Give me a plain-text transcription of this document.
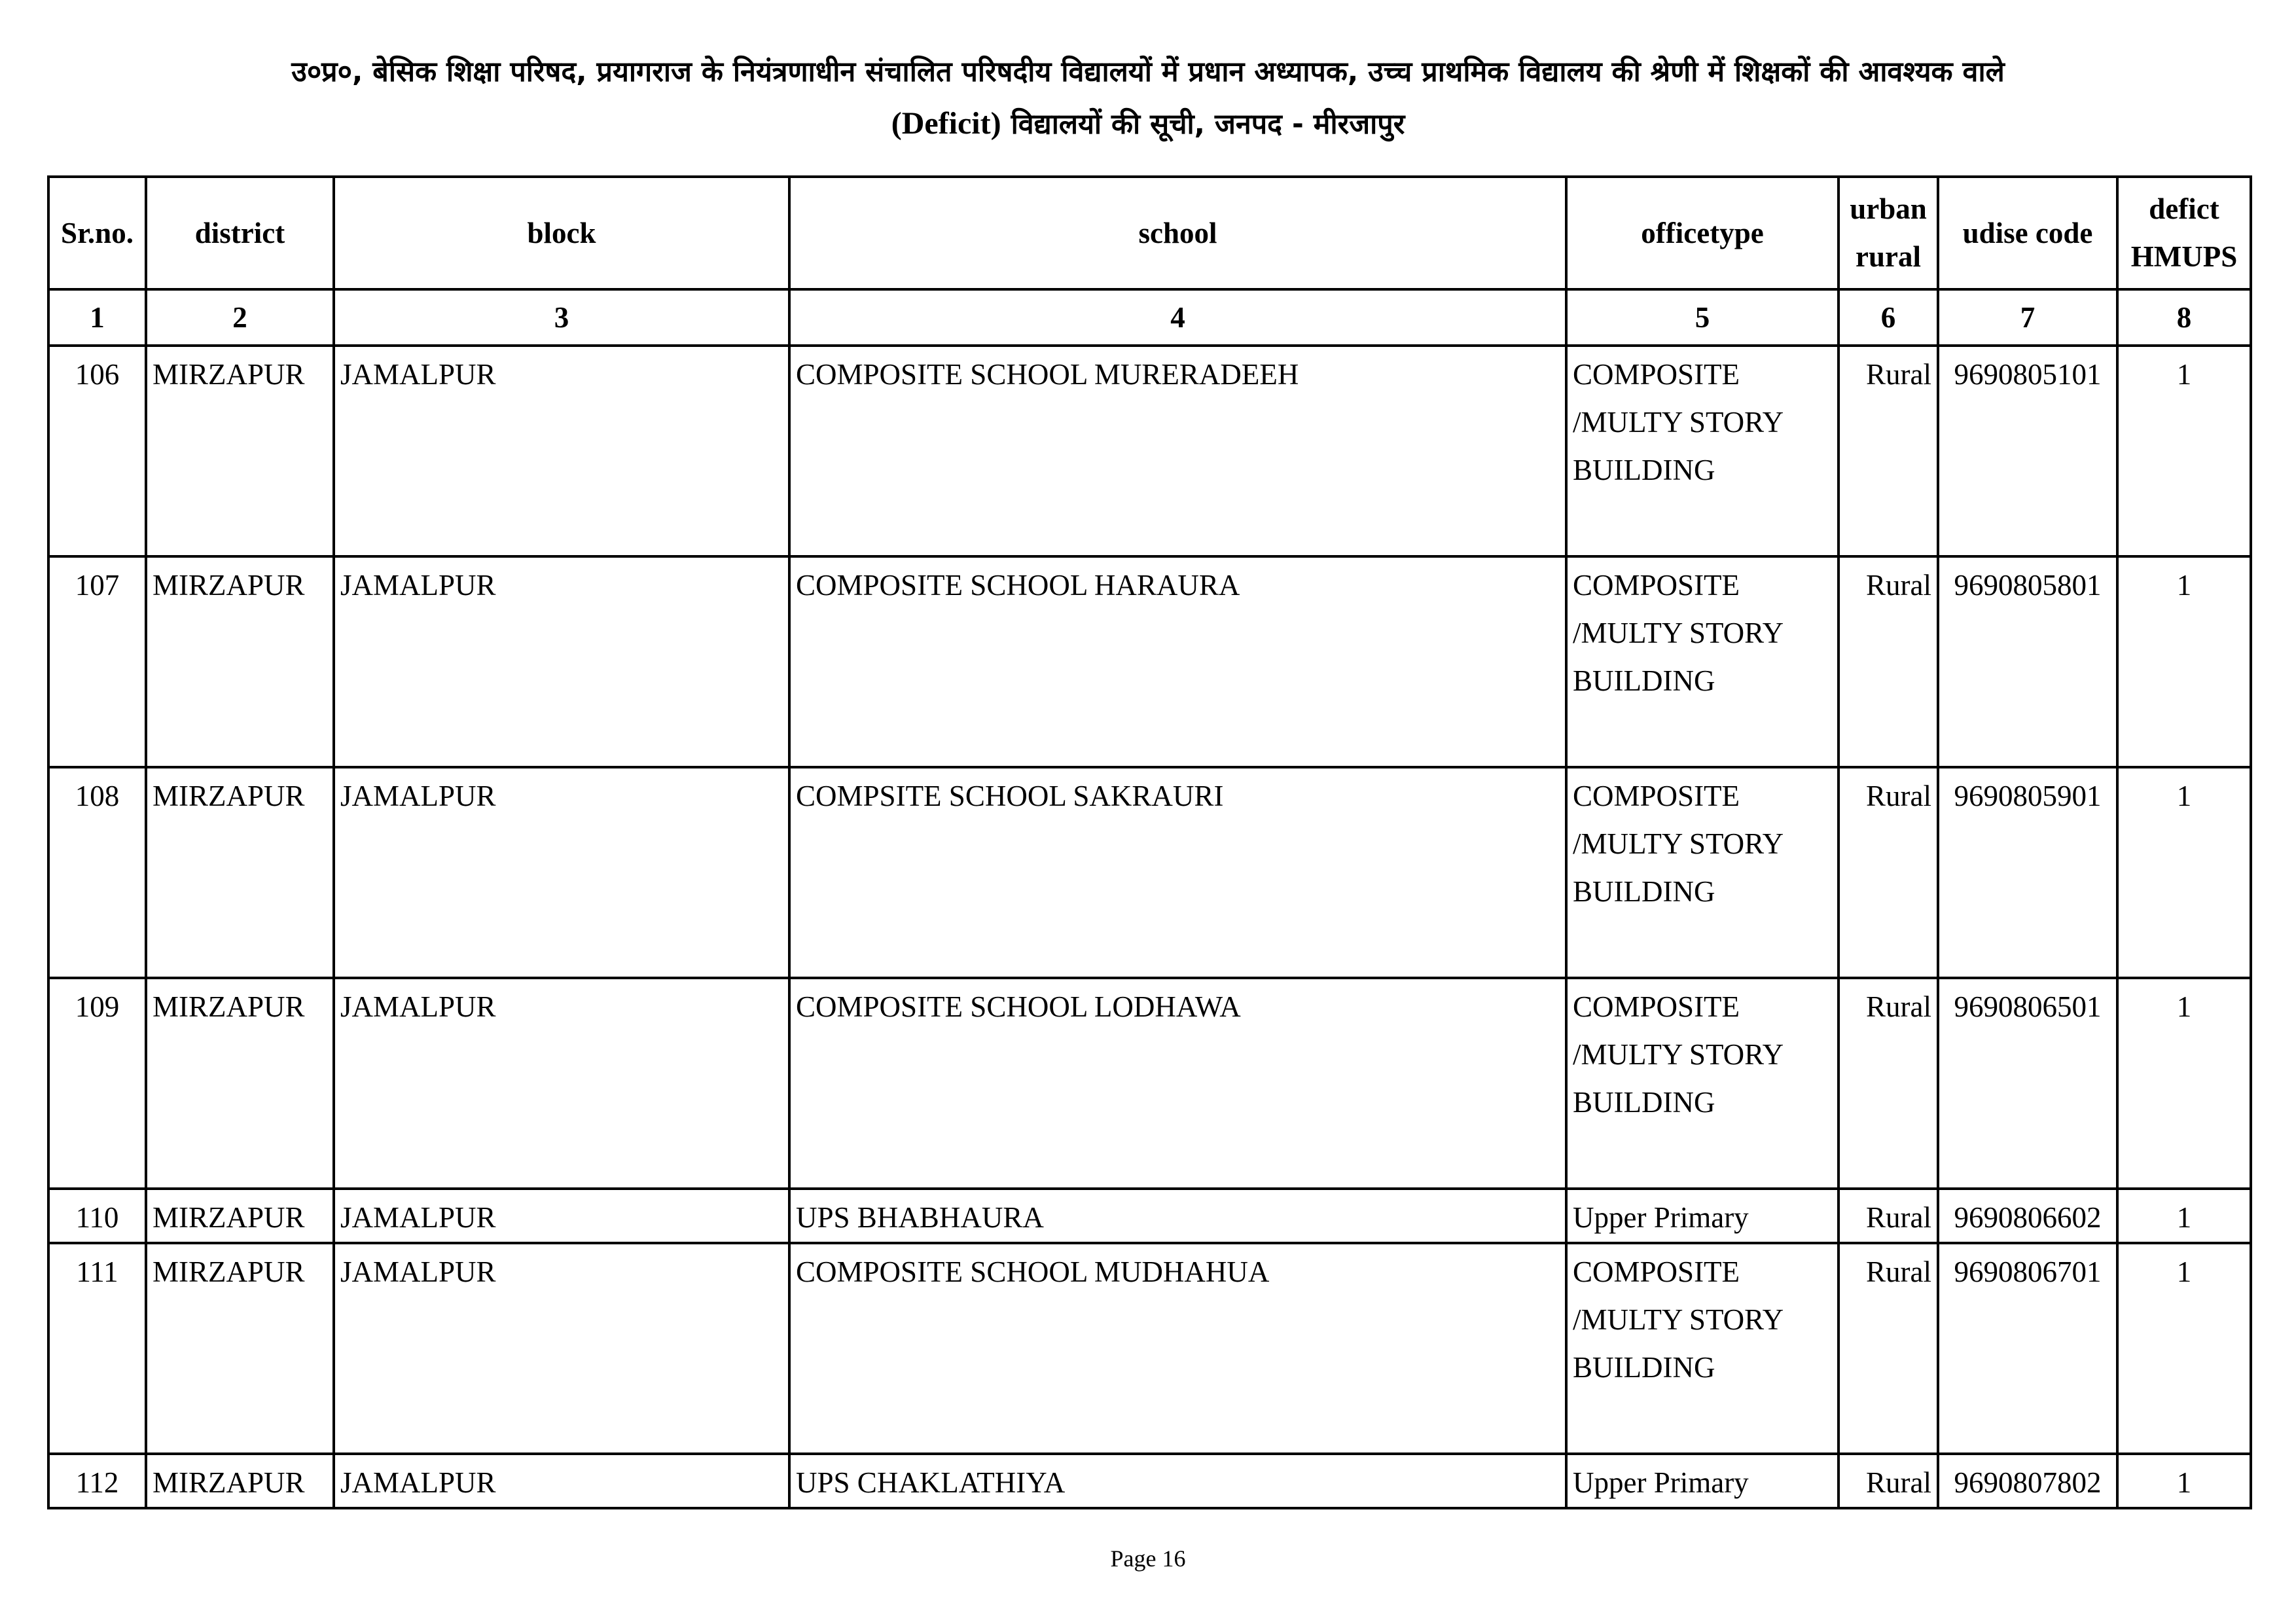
उ०प्र०, बेसिक शिक्षा परिषद, प्रयागराज के नियंत्रणाधीन संचालित परिषदीय विद्यालयों में प्रधान अध्यापक, उच्च प्राथमिक विद्यालय की श्रेणी में शिक्षकों की आवश्यक वाले
(Deficit) विद्यालयों की सूची, जनपद - मीरजापुर
Sr.no.	district	block	school	officetype	urban rural	udise code	defict HMUPS
1	2	3	4	5	6	7	8
106	MIRZAPUR	JAMALPUR	COMPOSITE SCHOOL MURERADEEH	COMPOSITE /MULTY STORY BUILDING	Rural	9690805101	1
107	MIRZAPUR	JAMALPUR	COMPOSITE SCHOOL HARAURA	COMPOSITE /MULTY STORY BUILDING	Rural	9690805801	1
108	MIRZAPUR	JAMALPUR	COMPSITE SCHOOL SAKRAURI	COMPOSITE /MULTY STORY BUILDING	Rural	9690805901	1
109	MIRZAPUR	JAMALPUR	COMPOSITE SCHOOL LODHAWA	COMPOSITE /MULTY STORY BUILDING	Rural	9690806501	1
110	MIRZAPUR	JAMALPUR	UPS BHABHAURA	Upper Primary	Rural	9690806602	1
111	MIRZAPUR	JAMALPUR	COMPOSITE SCHOOL MUDHAHUA	COMPOSITE /MULTY STORY BUILDING	Rural	9690806701	1
112	MIRZAPUR	JAMALPUR	UPS CHAKLATHIYA	Upper Primary	Rural	9690807802	1
Page 16
